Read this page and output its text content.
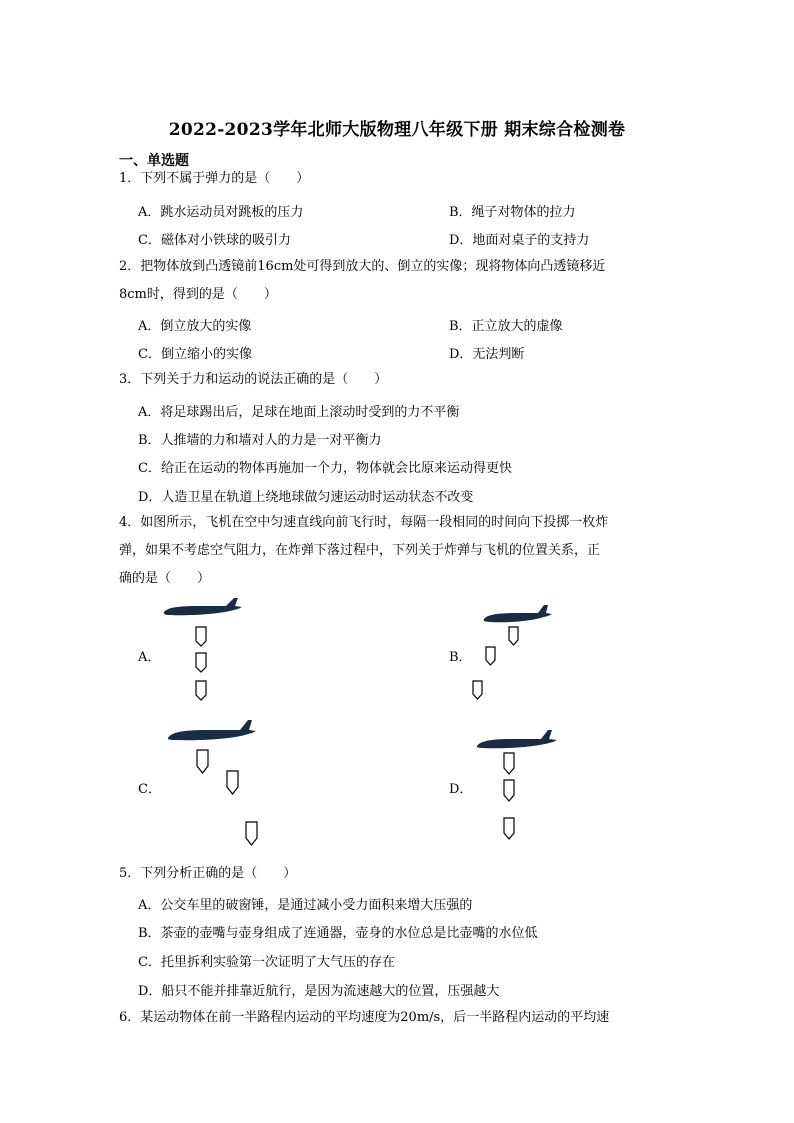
2022-2023学年北师大版物理八年级下册 期末综合检测卷
一、单选题
1．下列不属于弹力的是（　　）
A．跳水运动员对跳板的压力	B．绳子对物体的拉力
C．磁体对小铁球的吸引力	D．地面对桌子的支持力
2．把物体放到凸透镜前16cm处可得到放大的、倒立的实像；现将物体向凸透镜移近
8cm时，得到的是（　　）
A．倒立放大的实像	B．正立放大的虚像
C．倒立缩小的实像	D．无法判断
3．下列关于力和运动的说法正确的是（　　）
A．将足球踢出后，足球在地面上滚动时受到的力不平衡
B．人推墙的力和墙对人的力是一对平衡力
C．给正在运动的物体再施加一个力，物体就会比原来运动得更快
D．人造卫星在轨道上绕地球做匀速运动时运动状态不改变
4．如图所示，飞机在空中匀速直线向前飞行时，每隔一段相同的时间向下投掷一枚炸
弹，如果不考虑空气阻力，在炸弹下落过程中，下列关于炸弹与飞机的位置关系，正
确的是（　　）
A．	B．
C．	D．
5．下列分析正确的是（　　）
A．公交车里的破窗锤，是通过减小受力面积来增大压强的
B．茶壶的壶嘴与壶身组成了连通器，壶身的水位总是比壶嘴的水位低
C．托里拆利实验第一次证明了大气压的存在
D．船只不能并排靠近航行，是因为流速越大的位置，压强越大
6．某运动物体在前一半路程内运动的平均速度为20m/s，后一半路程内运动的平均速
